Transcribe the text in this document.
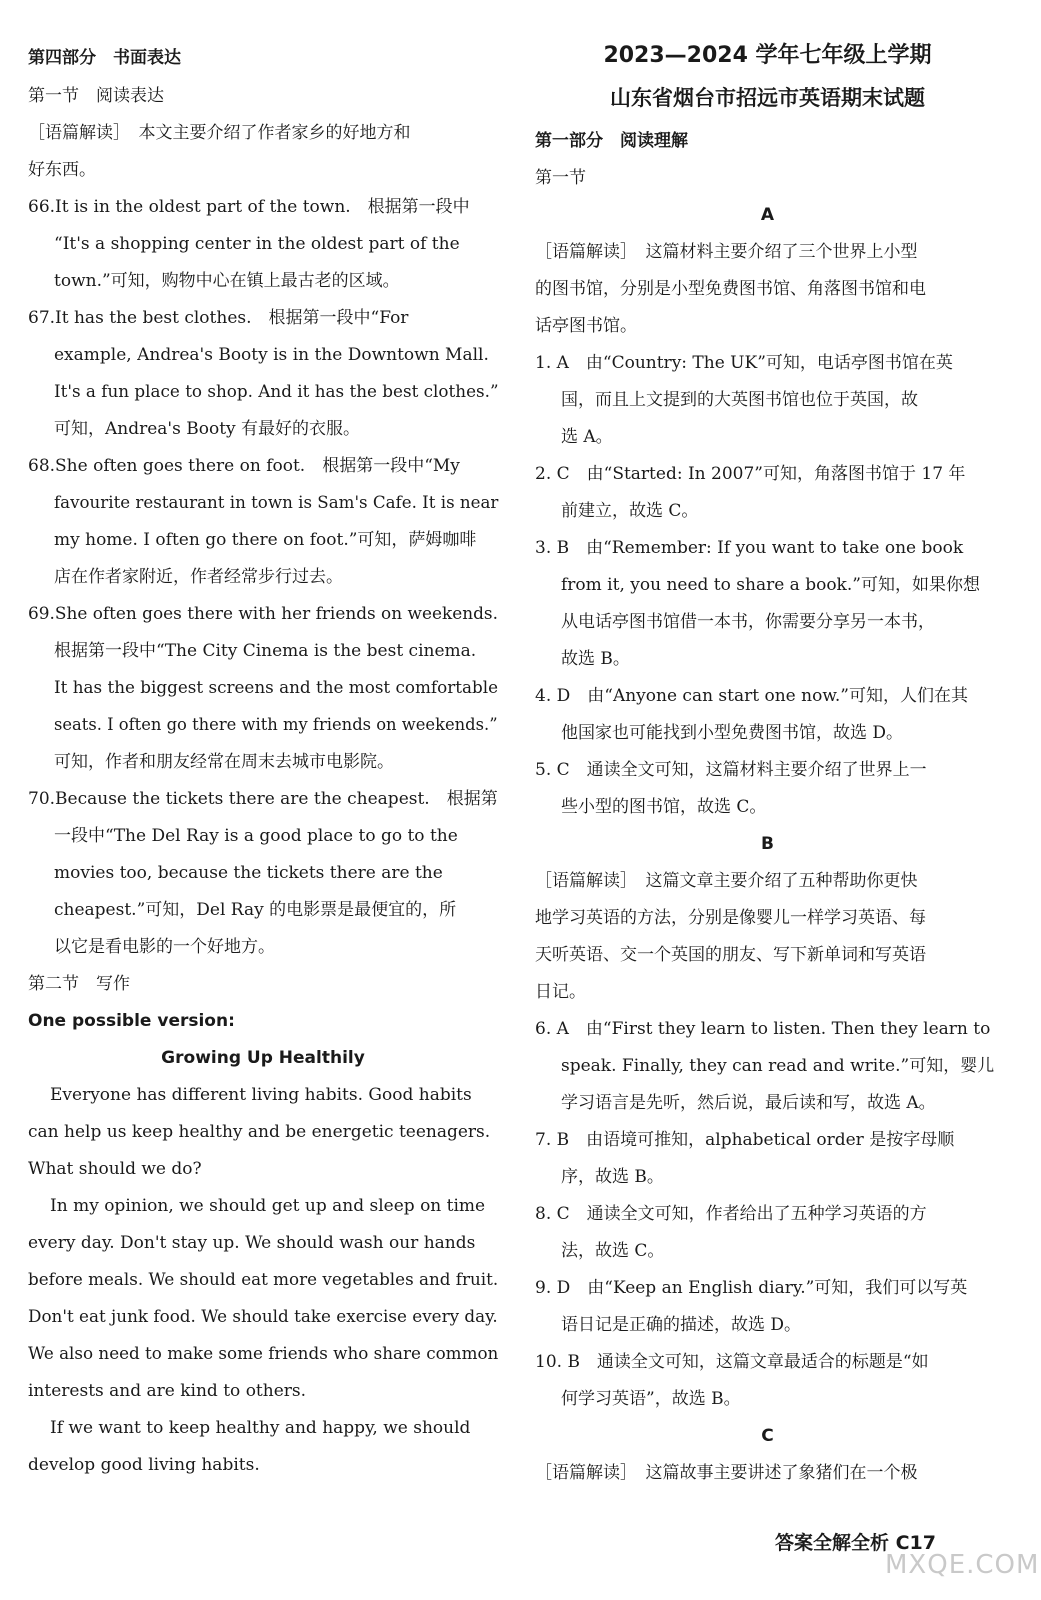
第四部分　书面表达
第一节　阅读表达
［语篇解读］　本文主要介绍了作者家乡的好地方和
好东西。
66.It is in the oldest part of the town.　根据第一段中
“It's a shopping center in the oldest part of the
town.”可知，购物中心在镇上最古老的区域。
67.It has the best clothes.　根据第一段中“For
example, Andrea's Booty is in the Downtown Mall.
It's a fun place to shop. And it has the best clothes.”
可知，Andrea's Booty 有最好的衣服。
68.She often goes there on foot.　根据第一段中“My
favourite restaurant in town is Sam's Cafe. It is near
my home. I often go there on foot.”可知，萨姆咖啡
店在作者家附近，作者经常步行过去。
69.She often goes there with her friends on weekends.
根据第一段中“The City Cinema is the best cinema.
It has the biggest screens and the most comfortable
seats. I often go there with my friends on weekends.”
可知，作者和朋友经常在周末去城市电影院。
70.Because the tickets there are the cheapest.　根据第
一段中“The Del Ray is a good place to go to the
movies too, because the tickets there are the
cheapest.”可知，Del Ray 的电影票是最便宜的，所
以它是看电影的一个好地方。
第二节　写作
One possible version:
Growing Up Healthily
Everyone has different living habits. Good habits
can help us keep healthy and be energetic teenagers.
What should we do?
In my opinion, we should get up and sleep on time
every day. Don't stay up. We should wash our hands
before meals. We should eat more vegetables and fruit.
Don't eat junk food. We should take exercise every day.
We also need to make some friends who share common
interests and are kind to others.
If we want to keep healthy and happy, we should
develop good living habits.
2023—2024 学年七年级上学期
山东省烟台市招远市英语期末试题
第一部分　阅读理解
第一节
A
［语篇解读］　这篇材料主要介绍了三个世界上小型
的图书馆，分别是小型免费图书馆、角落图书馆和电
话亭图书馆。
1. A　由“Country: The UK”可知，电话亭图书馆在英
国，而且上文提到的大英图书馆也位于英国，故
选 A。
2. C　由“Started: In 2007”可知，角落图书馆于 17 年
前建立，故选 C。
3. B　由“Remember: If you want to take one book
from it, you need to share a book.”可知，如果你想
从电话亭图书馆借一本书，你需要分享另一本书，
故选 B。
4. D　由“Anyone can start one now.”可知，人们在其
他国家也可能找到小型免费图书馆，故选 D。
5. C　通读全文可知，这篇材料主要介绍了世界上一
些小型的图书馆，故选 C。
B
［语篇解读］　这篇文章主要介绍了五种帮助你更快
地学习英语的方法，分别是像婴儿一样学习英语、每
天听英语、交一个英国的朋友、写下新单词和写英语
日记。
6. A　由“First they learn to listen. Then they learn to
speak. Finally, they can read and write.”可知，婴儿
学习语言是先听，然后说，最后读和写，故选 A。
7. B　由语境可推知，alphabetical order 是按字母顺
序，故选 B。
8. C　通读全文可知，作者给出了五种学习英语的方
法，故选 C。
9. D　由“Keep an English diary.”可知，我们可以写英
语日记是正确的描述，故选 D。
10. B　通读全文可知，这篇文章最适合的标题是“如
何学习英语”，故选 B。
C
［语篇解读］　这篇故事主要讲述了象猪们在一个极
答案全解全析 C17
MXQE.COM
